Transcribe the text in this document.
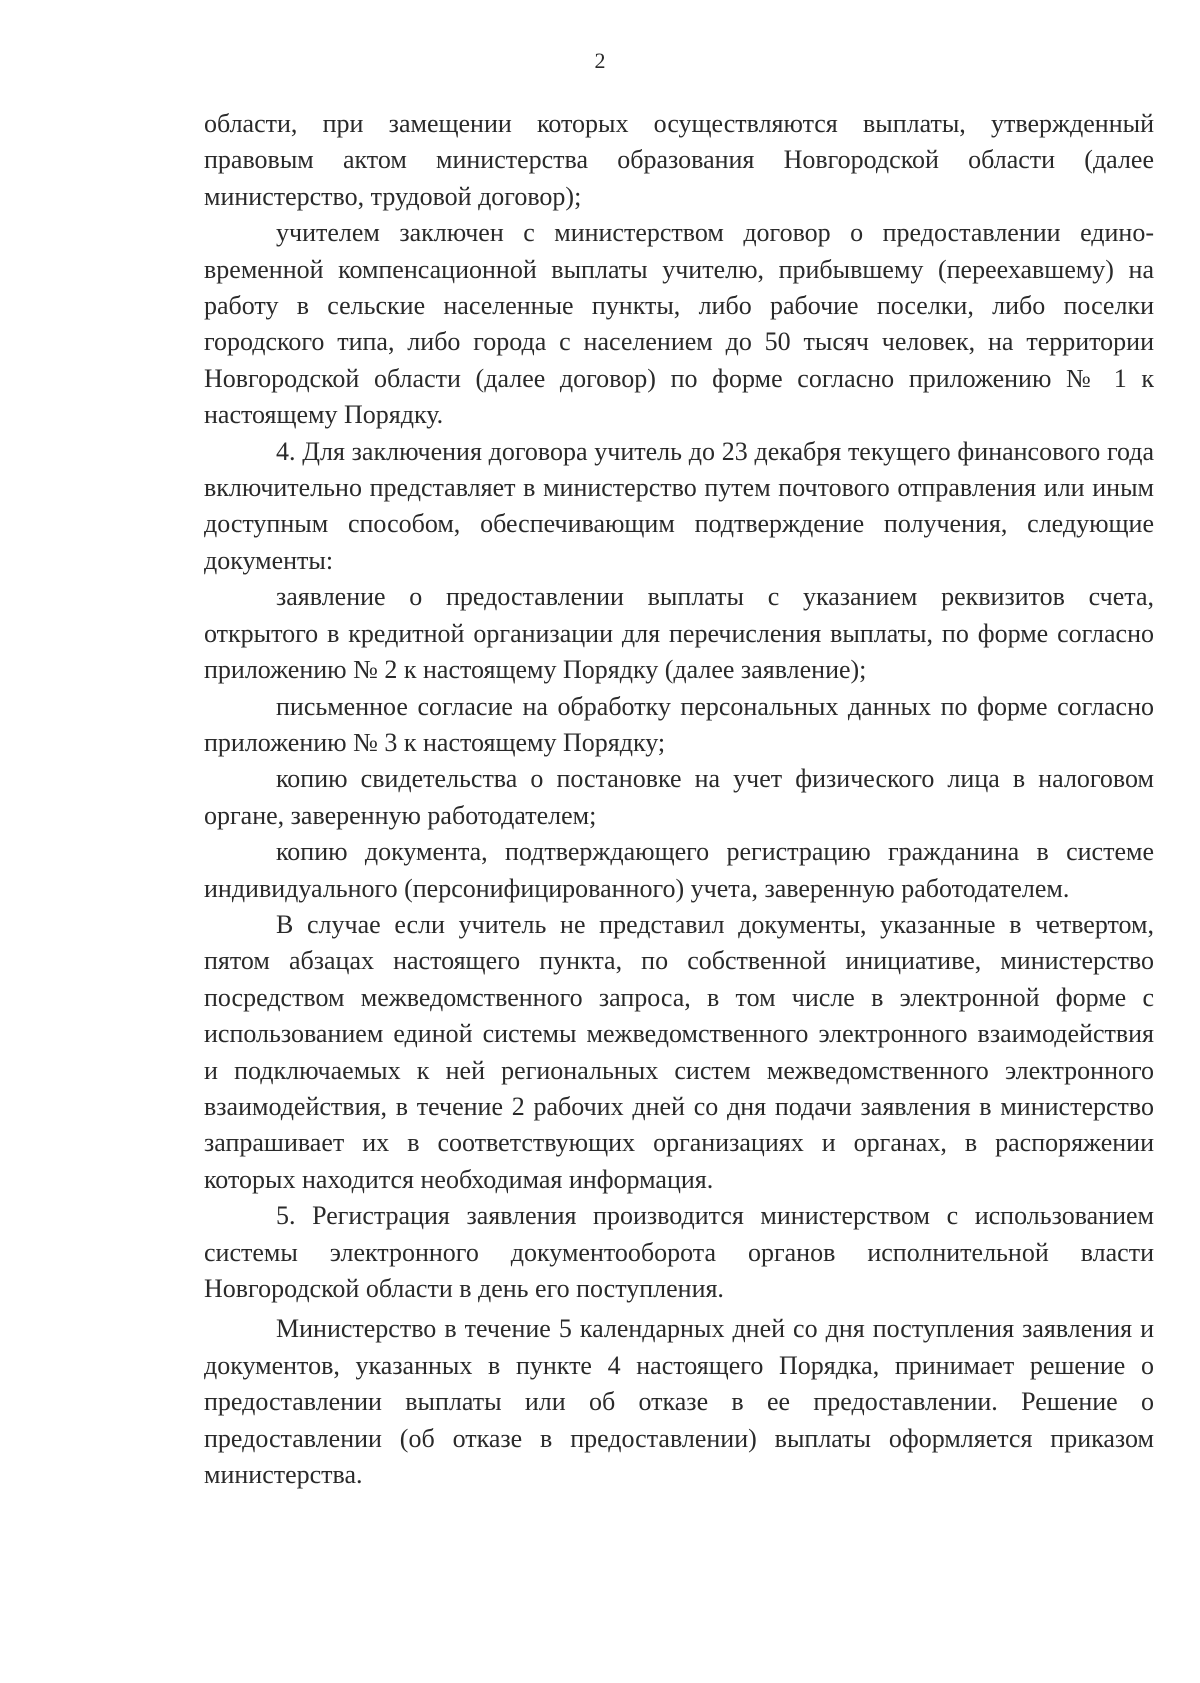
2

области, при замещении которых осуществляются выплаты, утвержденный правовым актом министерства образования Новгородской области (далее министерство, трудовой договор);

учителем заключен с министерством договор о предоставлении единовременной компенсационной выплаты учителю, прибывшему (переехавшему) на работу в сельские населенные пункты, либо рабочие поселки, либо поселки городского типа, либо города с населением до 50 тысяч человек, на территории Новгородской области (далее договор) по форме согласно приложению № 1 к настоящему Порядку.

4. Для заключения договора учитель до 23 декабря текущего финансового года включительно представляет в министерство путем почтового отправления или иным доступным способом, обеспечивающим подтверждение получения, следующие документы:

заявление о предоставлении выплаты с указанием реквизитов счета, открытого в кредитной организации для перечисления выплаты, по форме согласно приложению № 2 к настоящему Порядку (далее заявление);

письменное согласие на обработку персональных данных по форме согласно приложению № 3 к настоящему Порядку;

копию свидетельства о постановке на учет физического лица в налоговом органе, заверенную работодателем;

копию документа, подтверждающего регистрацию гражданина в системе индивидуального (персонифицированного) учета, заверенную работодателем.

В случае если учитель не представил документы, указанные в четвертом, пятом абзацах настоящего пункта, по собственной инициативе, министерство посредством межведомственного запроса, в том числе в электронной форме с использованием единой системы межведомственного электронного взаимодействия и подключаемых к ней региональных систем межведомственного электронного взаимодействия, в течение 2 рабочих дней со дня подачи заявления в министерство запрашивает их в соответствующих организациях и органах, в распоряжении которых находится необходимая информация.

5. Регистрация заявления производится министерством с использованием системы электронного документооборота органов исполнительной власти Новгородской области в день его поступления.

Министерство в течение 5 календарных дней со дня поступления заявления и документов, указанных в пункте 4 настоящего Порядка, принимает решение о предоставлении выплаты или об отказе в ее предоставлении. Решение о предоставлении (об отказе в предоставлении) выплаты оформляется приказом министерства.
